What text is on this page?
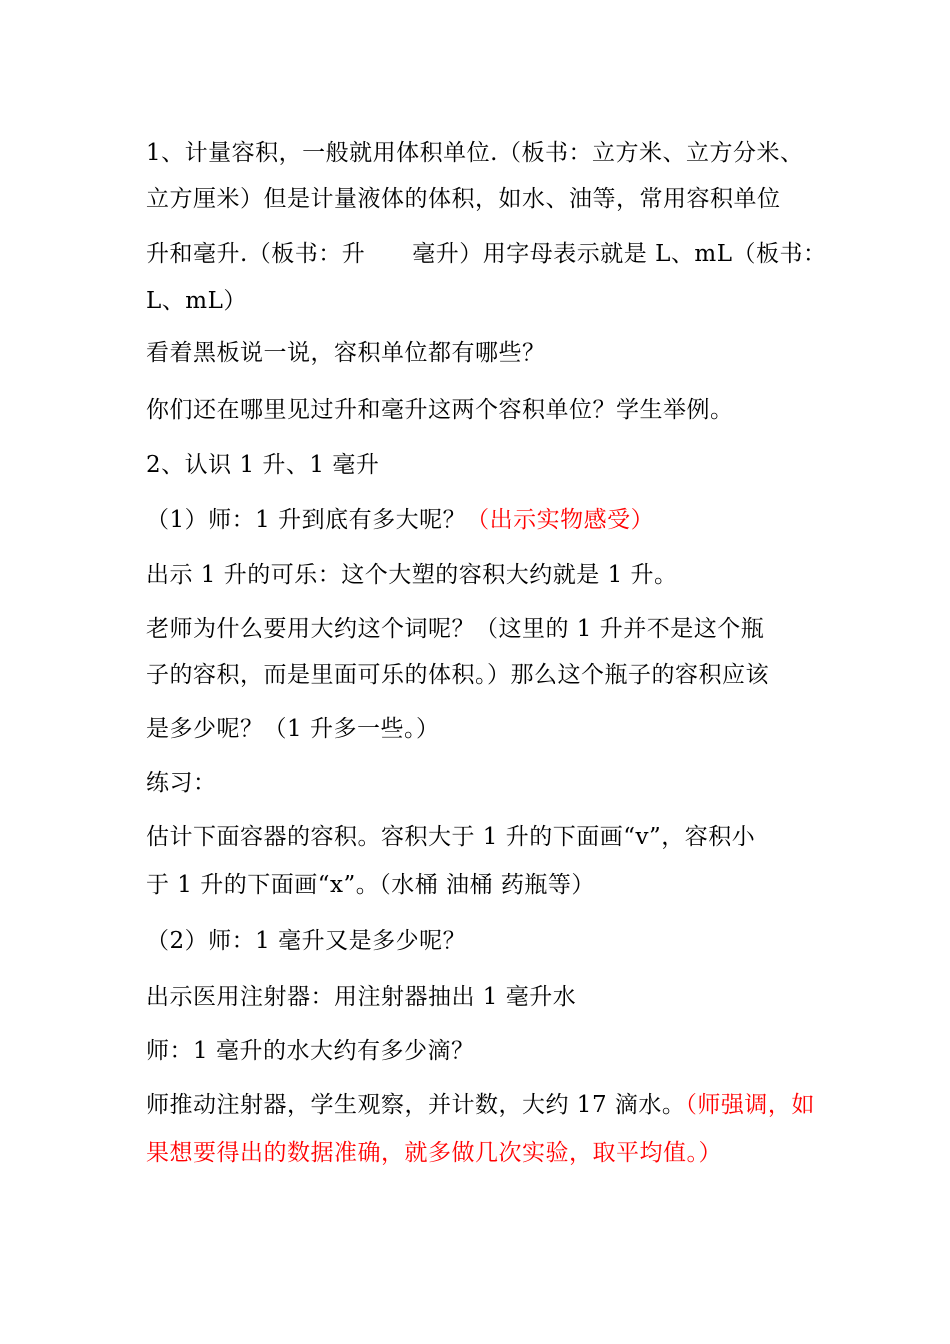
1、计量容积，一般就用体积单位.（板书：立方米、立方分米、
立方厘米）但是计量液体的体积，如水、油等，常用容积单位
升和毫升.（板书：升　　毫升）用字母表示就是 L、mL（板书：
L、mL）
看着黑板说一说，容积单位都有哪些？
你们还在哪里见过升和毫升这两个容积单位？学生举例。
2、认识 1 升、1 毫升
（1）师：1 升到底有多大呢？（出示实物感受）
出示 1 升的可乐：这个大塑的容积大约就是 1 升。
老师为什么要用大约这个词呢？（这里的 1 升并不是这个瓶
子的容积，而是里面可乐的体积。）那么这个瓶子的容积应该
是多少呢？（1 升多一些。）
练习：
估计下面容器的容积。容积大于 1 升的下面画“v”，容积小
于 1 升的下面画“x”。（水桶 油桶 药瓶等）
（2）师：1 毫升又是多少呢？
出示医用注射器：用注射器抽出 1 毫升水
师：1 毫升的水大约有多少滴？
师推动注射器，学生观察，并计数，大约 17 滴水。（师强调，如
果想要得出的数据准确，就多做几次实验，取平均值。）
